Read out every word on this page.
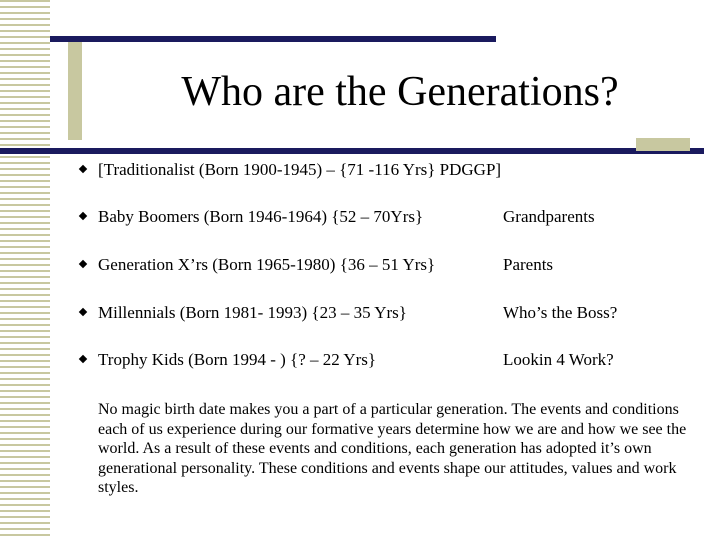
Who are the Generations?
[Traditionalist (Born 1900-1945) – {71 -116 Yrs} PDGGP]
Baby Boomers (Born 1946-1964) {52 – 70Yrs}	Grandparents
Generation X’rs (Born 1965-1980) {36 – 51 Yrs}	Parents
Millennials (Born 1981- 1993) {23 – 35 Yrs}	Who’s the Boss?
Trophy Kids (Born 1994 - ) {? – 22 Yrs}	Lookin 4 Work?

No magic birth date makes you a part of a particular generation. The events and conditions each of us experience during our formative years determine how we are and how we see the world. As a result of these events and conditions, each generation has adopted it’s own generational personality. These conditions and events shape our attitudes, values and work styles.
